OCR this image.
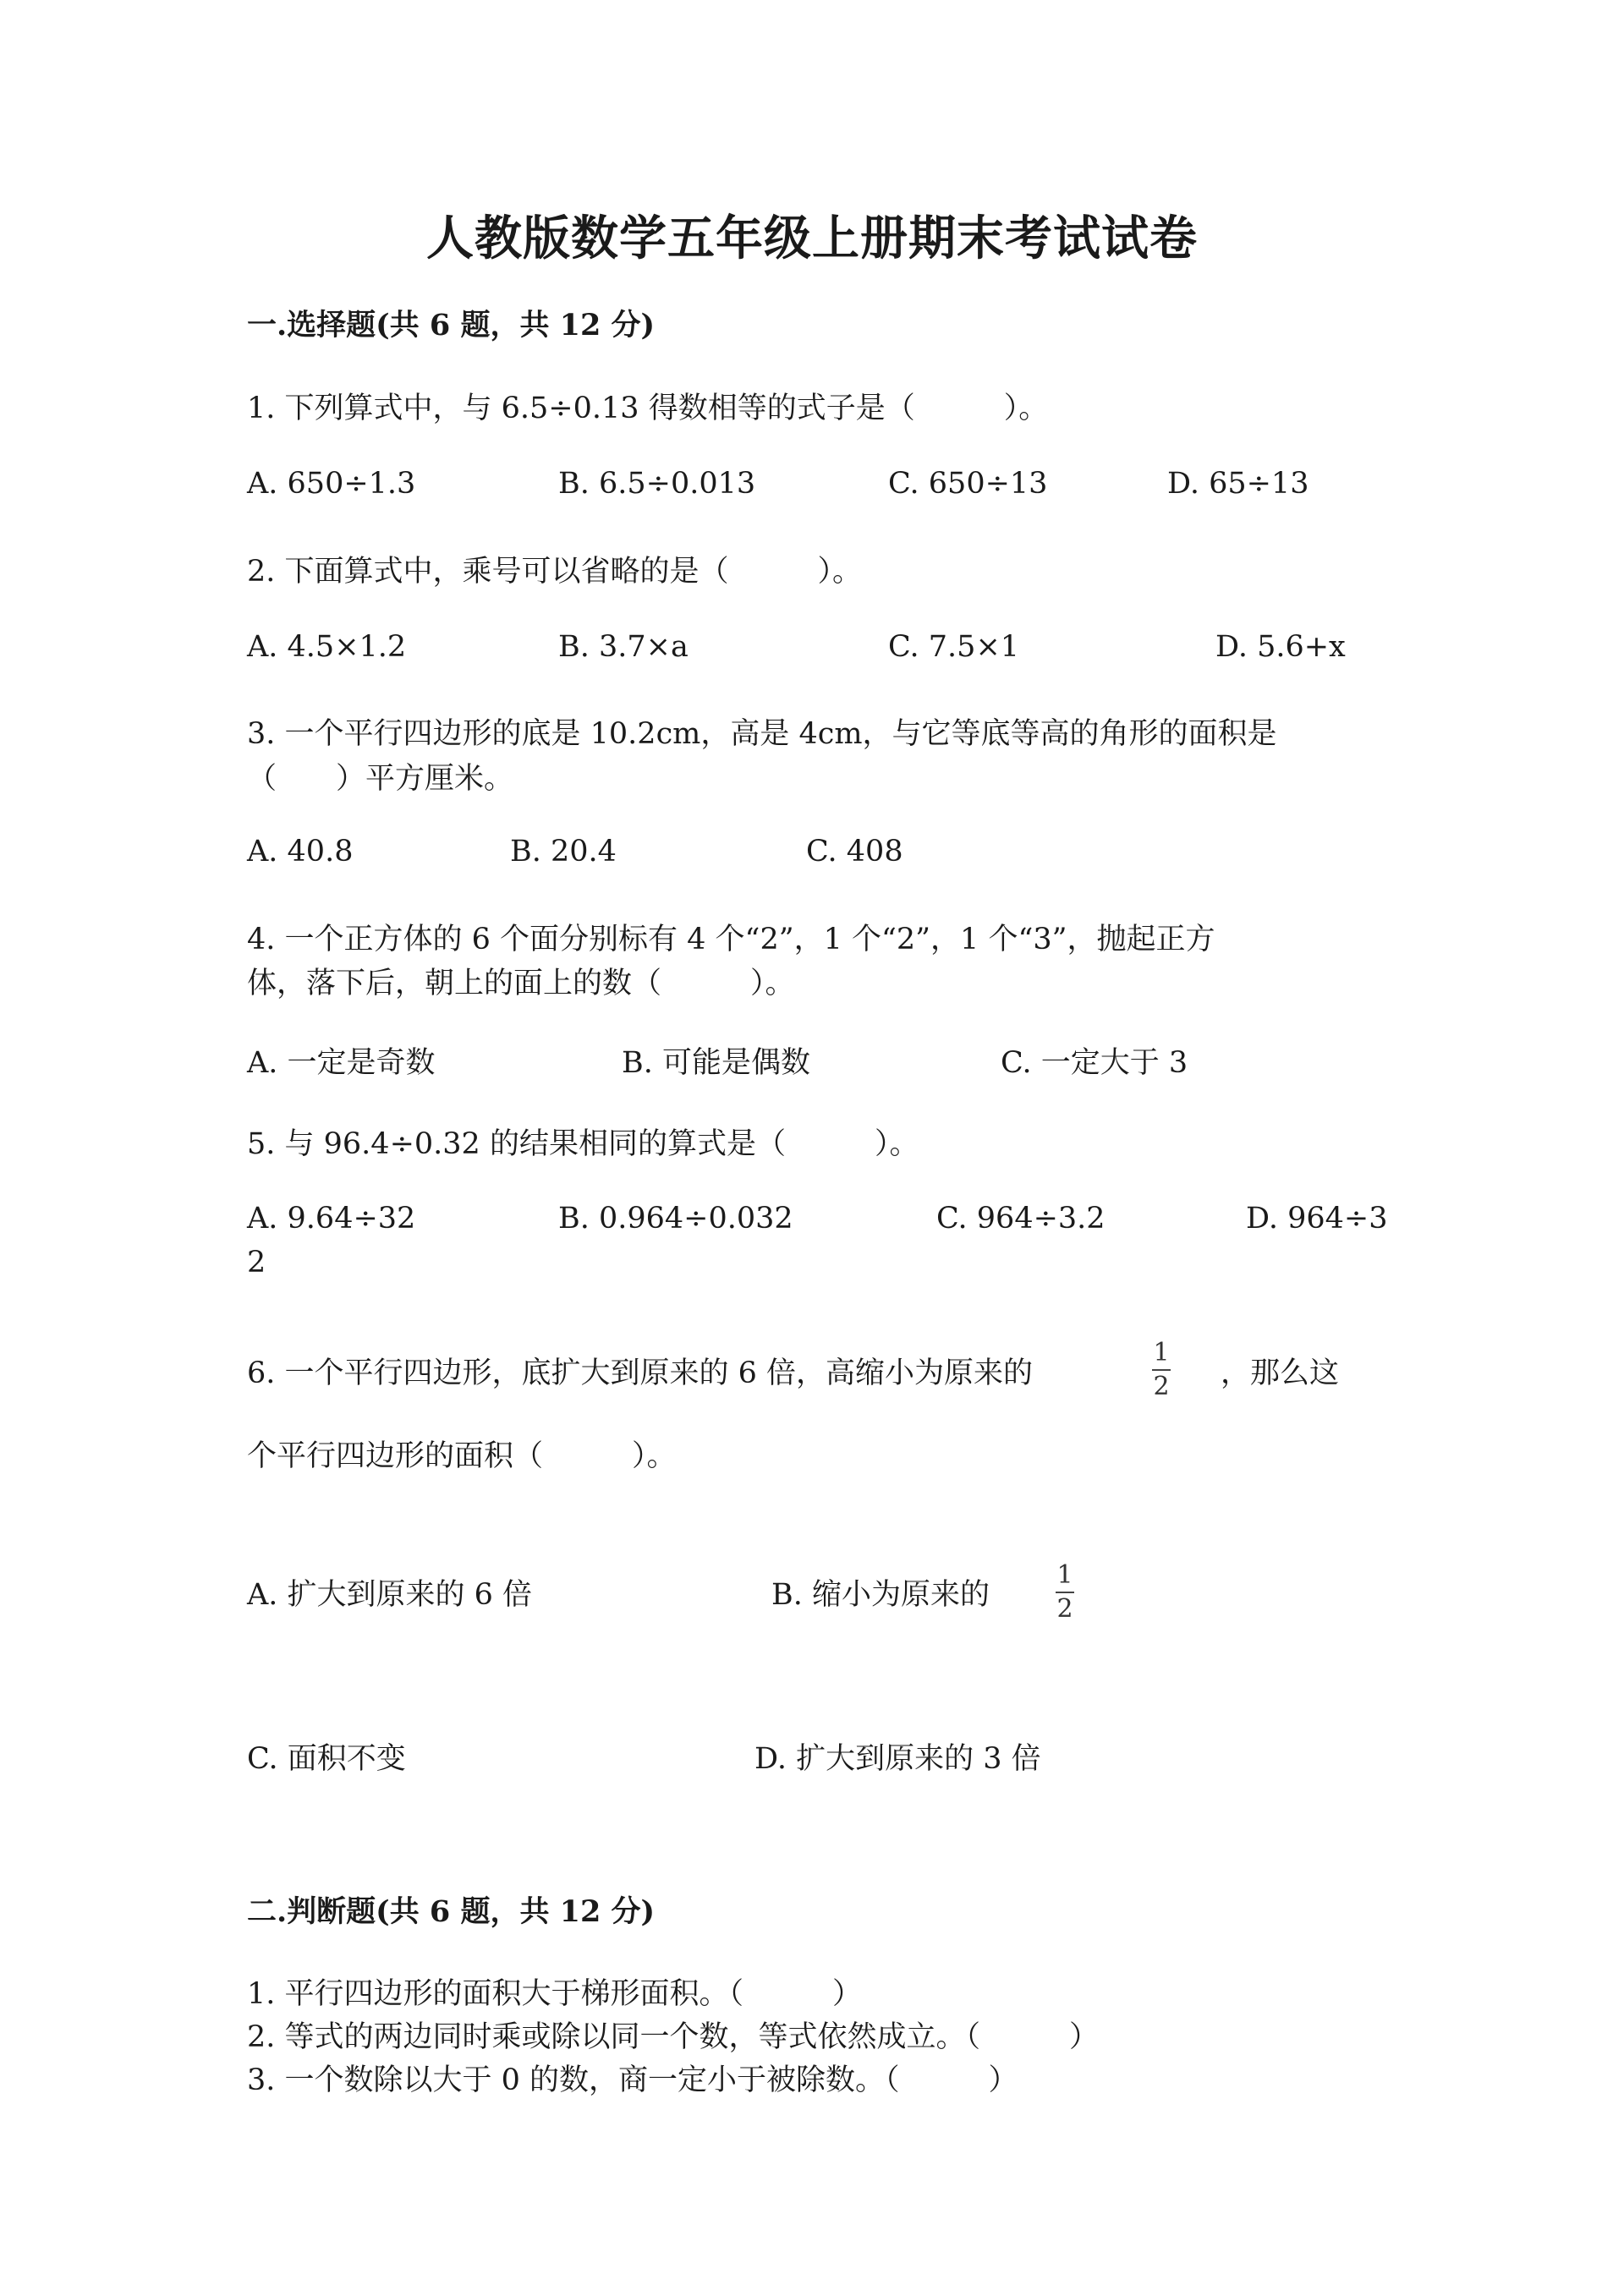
人教版数学五年级上册期末考试试卷
一.选择题(共 6 题，共 12 分)
1. 下列算式中，与 6.5÷0.13 得数相等的式子是（　　　）。
A. 650÷1.3	B. 6.5÷0.013	C. 650÷13	D. 65÷13
2. 下面算式中，乘号可以省略的是（　　　）。
A. 4.5×1.2	B. 3.7×a	C. 7.5×1	D. 5.6+x
3. 一个平行四边形的底是 10.2cm，高是 4cm，与它等底等高的角形的面积是
（　　）平方厘米。
A. 40.8	B. 20.4	C. 408
4. 一个正方体的 6 个面分别标有 4 个“2”，1 个“2”，1 个“3”，抛起正方
体，落下后，朝上的面上的数（　　　）。
A. 一定是奇数	B. 可能是偶数	C. 一定大于 3
5. 与 96.4÷0.32 的结果相同的算式是（　　　）。
A. 9.64÷32	B. 0.964÷0.032	C. 964÷3.2	D. 964÷3
2
6. 一个平行四边形，底扩大到原来的 6 倍，高缩小为原来的
1
2 ，那么这
个平行四边形的面积（　　　）。
A. 扩大到原来的 6 倍	B. 缩小为原来的
1
2
C. 面积不变	D. 扩大到原来的 3 倍
二.判断题(共 6 题，共 12 分)
1. 平行四边形的面积大于梯形面积。（　　　）
2. 等式的两边同时乘或除以同一个数，等式依然成立。（　　　）
3. 一个数除以大于 0 的数，商一定小于被除数。（　　　）
